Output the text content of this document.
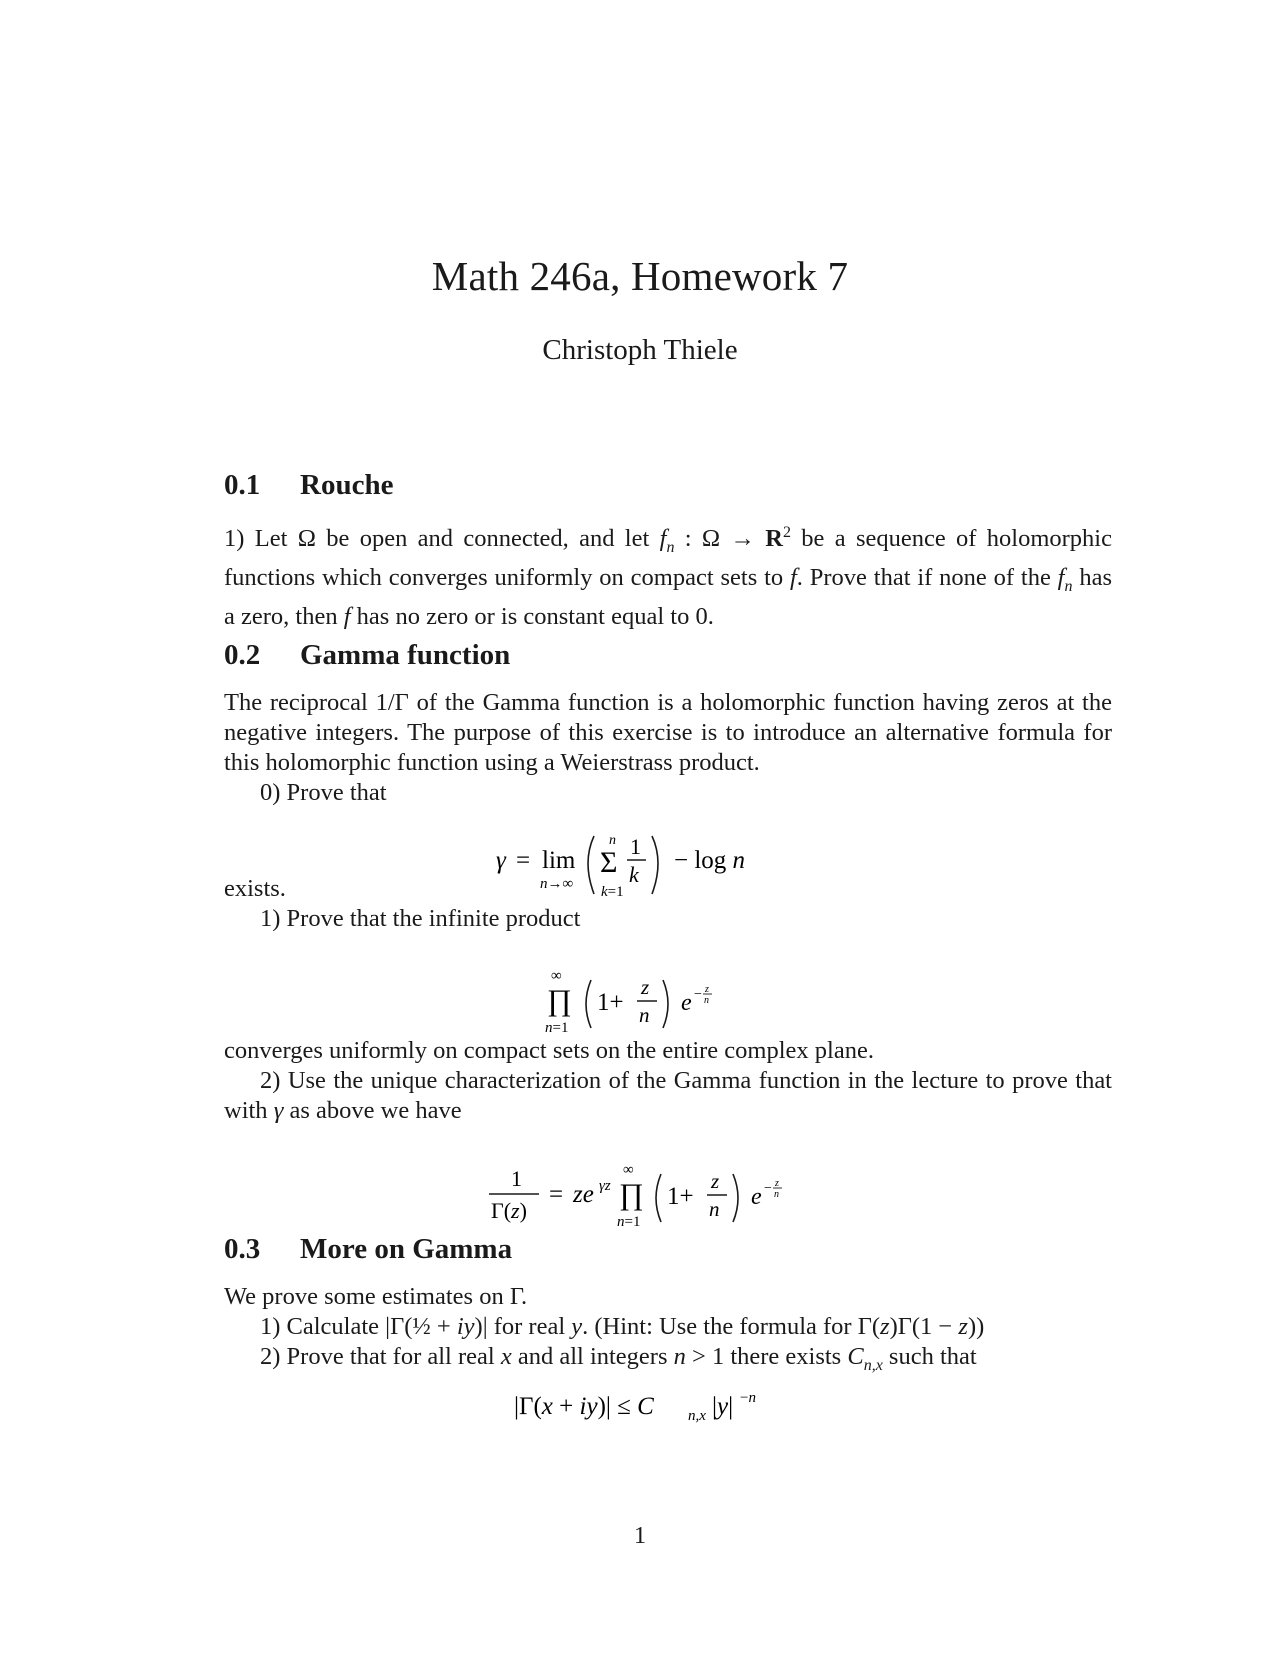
Math 246a, Homework 7
Christoph Thiele
0.1 Rouche

1) Let Ω be open and connected, and let $f_n$ : $\Omega \to R^2$ be a sequence of holomorphic functions which converges uniformly on compact sets to f. Prove that if none of the $f_n$ has a zero, then f has no zero or is constant equal to 0.

0.2 Gamma function

The reciprocal 1/Γ of the Gamma function is a holomorphic function having zeros at the negative integers. The purpose of this exercise is to introduce an alternative formula for this holomorphic function using a Weierstrass product.

0) Prove that

γ = lim
n→∞
Σ
n
k=1
1
k
− log n

exists.

1) Prove that the infinite product

∞
∏
n=1
1+
z
n e − z
n

converges uniformly on compact sets on the entire complex plane.

2) Use the unique characterization of the Gamma function in the lecture to prove that with γ as above we have

1
Γ(z)
= ze γz
∞
∏
n=1
1+
z
n e − z
n
0.3 More on Gamma

We prove some estimates on Γ.

1) Calculate |Γ(½ + iy)| for real y. (Hint: Use the formula for Γ(z)Γ(1 − z))

2) Prove that for all real x and all integers n > 1 there exists $C_{n,x}$ such that

|Γ(x + iy)| ≤ C n,x |y| −n
1
